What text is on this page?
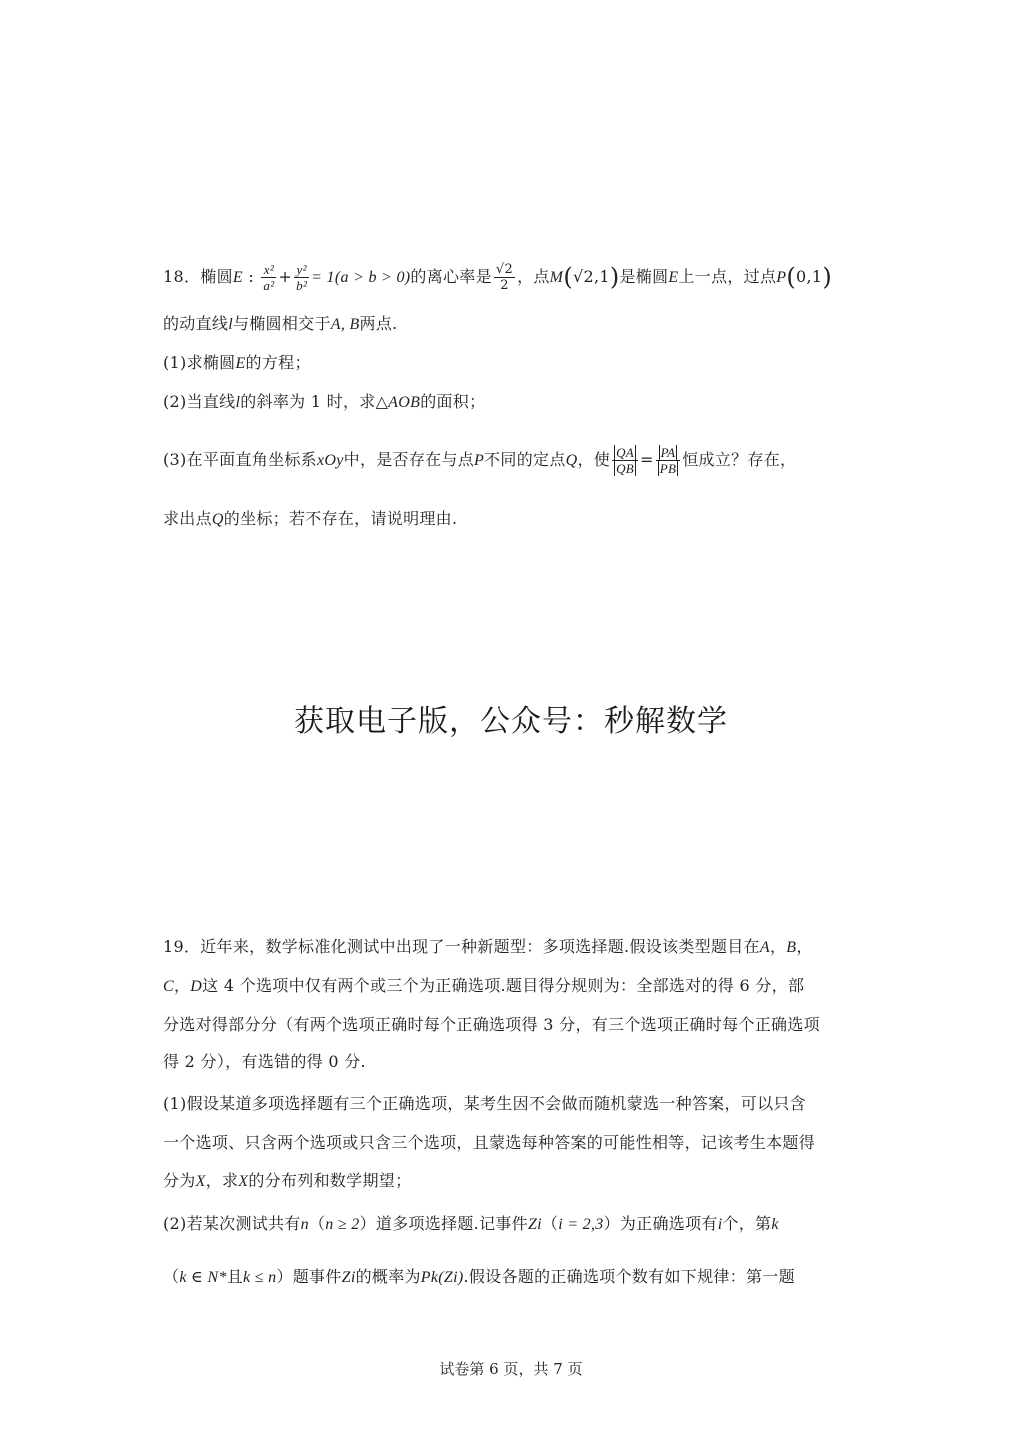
18．椭圆E : $\frac{\text{x²}}{\text{a²}} + \frac{\text{y²}}{\text{b²}} = 1(a > b > 0)$的离心率是 $\frac{√2}{2}$ ，点M(√2,1)是椭圆E上一点，过点P(0,1)
的动直线l与椭圆相交于A, B两点.
(1)求椭圆E的方程；
(2)当直线l的斜率为 1 时，求△AOB的面积；
(3)在平面直角坐标系xOy中，是否存在与点P不同的定点Q，使 $\frac{QA}{QB} = \frac{PA}{PB}$ 恒成立？存在，
求出点Q的坐标；若不存在，请说明理由.
获取电子版，公众号：秒解数学
19．近年来，数学标准化测试中出现了一种新题型：多项选择题.假设该类型题目在A，B，
C，D这 4 个选项中仅有两个或三个为正确选项.题目得分规则为：全部选对的得 6 分，部
分选对得部分分（有两个选项正确时每个正确选项得 3 分，有三个选项正确时每个正确选项
得 2 分），有选错的得 0 分.
(1)假设某道多项选择题有三个正确选项，某考生因不会做而随机蒙选一种答案，可以只含
一个选项、只含两个选项或只含三个选项，且蒙选每种答案的可能性相等，记该考生本题得
分为X，求X的分布列和数学期望；
(2)若某次测试共有n（n ≥ 2）道多项选择题.记事件Zi（i = 2,3）为正确选项有i个，第k
（k ∈ N*且k ≤ n）题事件Zi的概率为Pk(Zi).假设各题的正确选项个数有如下规律：第一题
试卷第 6 页，共 7 页
